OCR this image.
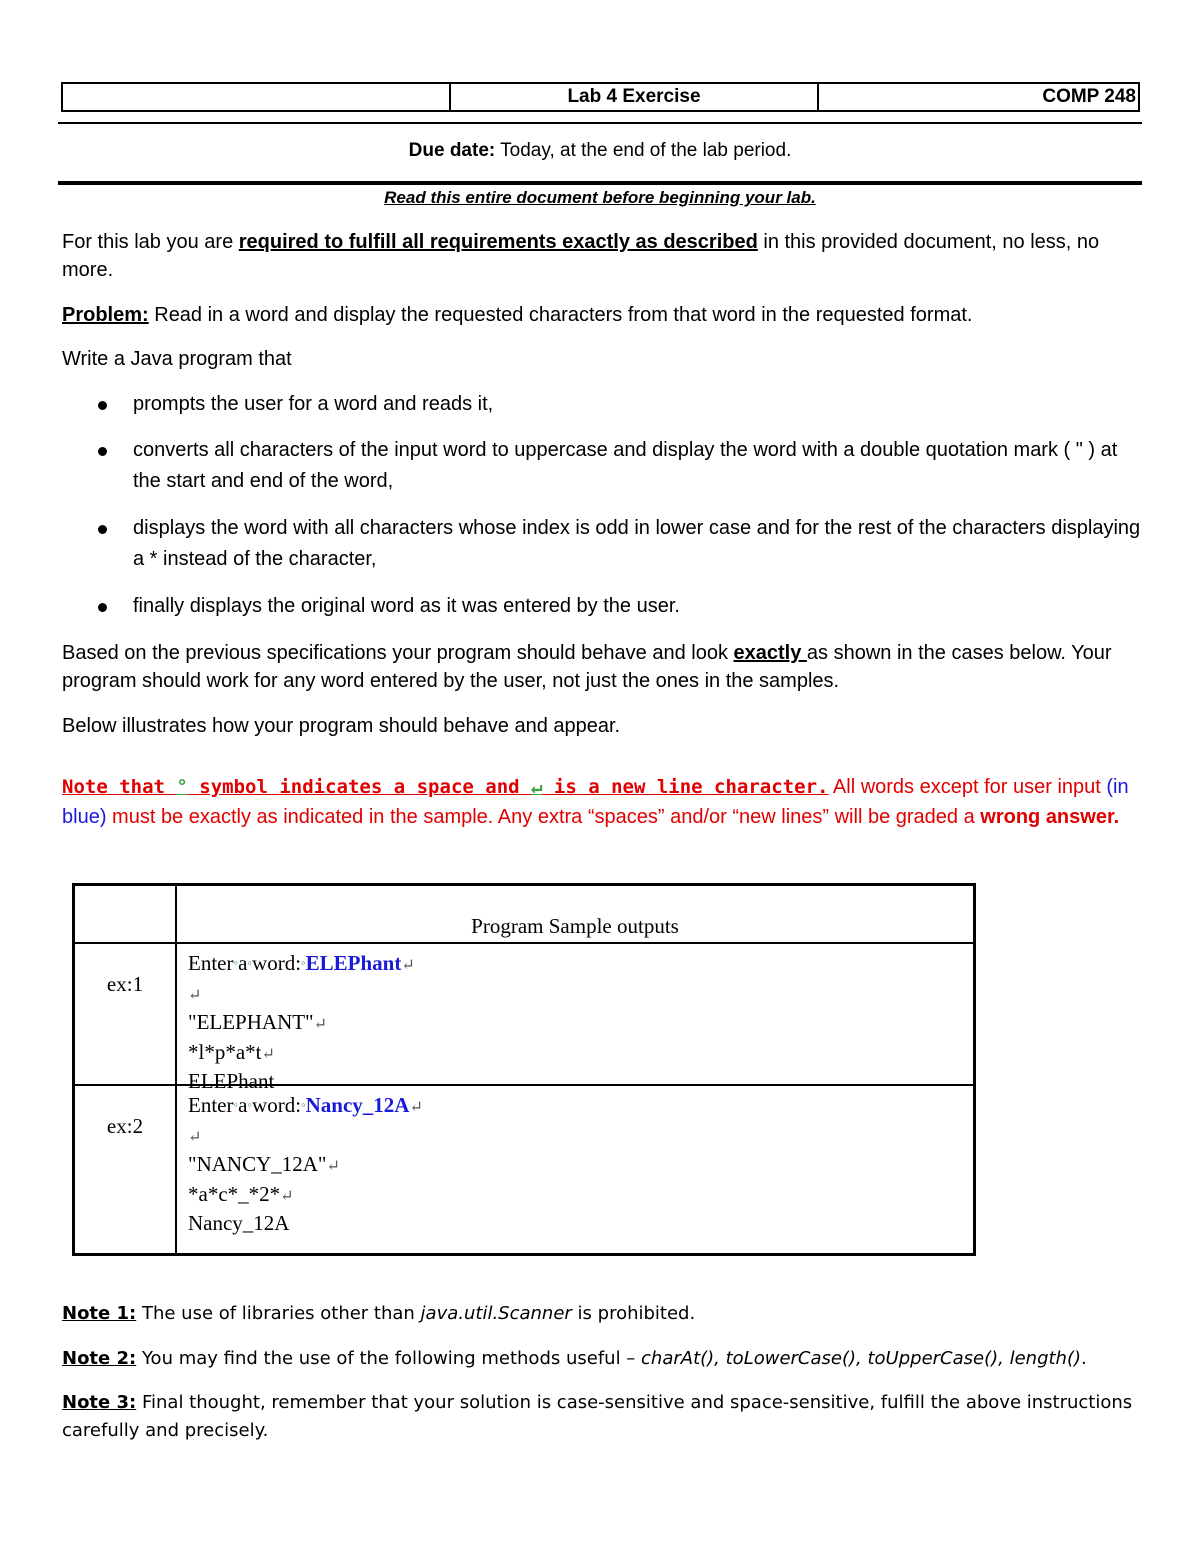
Lab 4 Exercise	COMP 248
Due date: Today, at the end of the lab period.
Read this entire document before beginning your lab.
For this lab you are required to fulfill all requirements exactly as described in this provided document, no less, no more.
Problem: Read in a word and display the requested characters from that word in the requested format.
Write a Java program that
prompts the user for a word and reads it,
converts all characters of the input word to uppercase and display the word with a double quotation mark ( " ) at the start and end of the word,
displays the word with all characters whose index is odd in lower case and for the rest of the characters displaying a * instead of the character,
finally displays the original word as it was entered by the user.
Based on the previous specifications your program should behave and look exactly as shown in the cases below. Your program should work for any word entered by the user, not just the ones in the samples.
Below illustrates how your program should behave and appear.
Note that ° symbol indicates a space and ↵ is a new line character. All words except for user input (in blue) must be exactly as indicated in the sample. Any extra “spaces” and/or “new lines” will be graded a wrong answer.
Program Sample outputs
ex:1
Enter◦a◦word:◦ELEPhant↵
↵
"ELEPHANT"↵
*l*p*a*t↵
ELEPhant
ex:2
Enter◦a◦word:◦Nancy_12A↵
↵
"NANCY_12A"↵
*a*c*_*2*↵
Nancy_12A
Note 1: The use of libraries other than java.util.Scanner is prohibited.
Note 2: You may find the use of the following methods useful – charAt(), toLowerCase(), toUpperCase(), length().
Note 3: Final thought, remember that your solution is case-sensitive and space-sensitive, fulfill the above instructions carefully and precisely.
